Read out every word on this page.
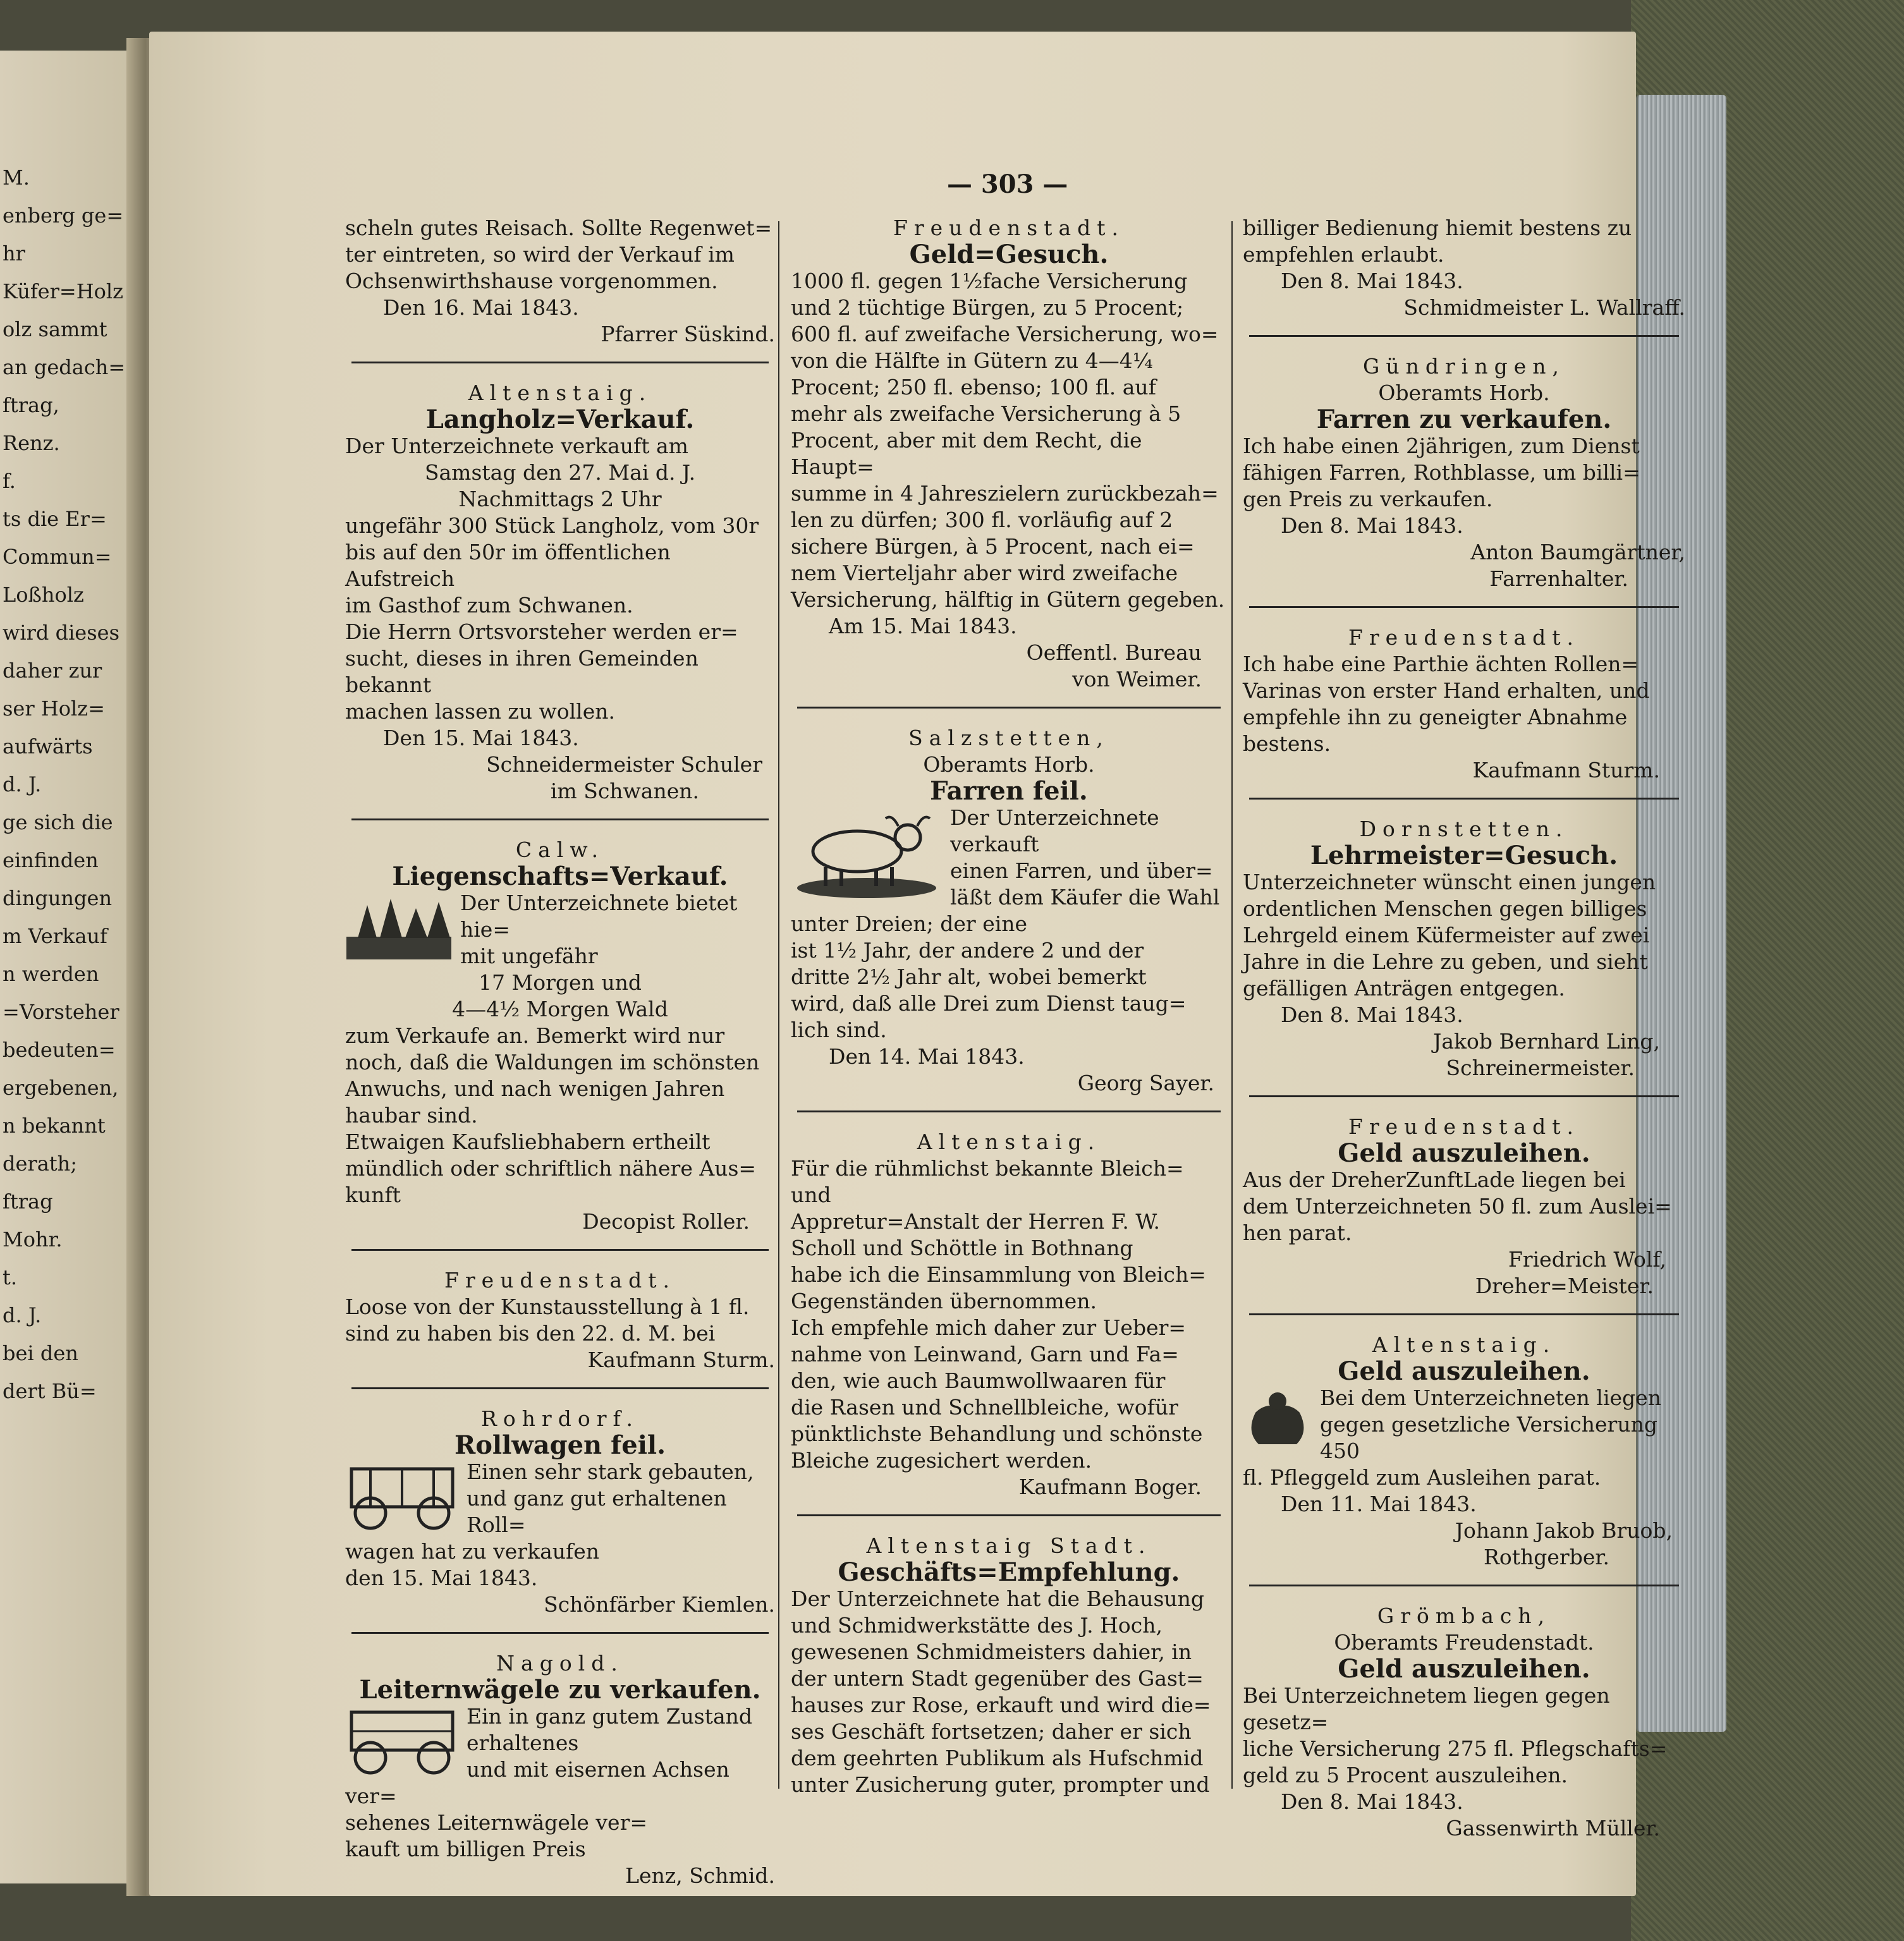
M.
enberg ge=
hr
Küfer=Holz
olz sammt
an gedach=
ftrag,
Renz.
f.
ts die Er=
Commun=
Loßholz
wird dieses
daher zur
ser Holz=
aufwärts
d. J.
ge sich die
einfinden
dingungen
m Verkauf
n werden
=Vorsteher
bedeuten=
ergebenen,
n bekannt
derath;
ftrag
Mohr.
t.
d. J.
bei den
dert Bü=
— 303 —

scheln gutes Reisach. Sollte Regenwet=

ter eintreten, so wird der Verkauf im

Ochsenwirthshause vorgenommen.

Den 16. Mai 1843.

Pfarrer Süskind.

Altenstaig.

Langholz=Verkauf.

Der Unterzeichnete verkauft am

Samstag den 27. Mai d. J.

Nachmittags 2 Uhr

ungefähr 300 Stück Langholz, vom 30r

bis auf den 50r im öffentlichen Aufstreich

im Gasthof zum Schwanen.

Die Herrn Ortsvorsteher werden er=

sucht, dieses in ihren Gemeinden bekannt

machen lassen zu wollen.

Den 15. Mai 1843.

Schneidermeister Schuler

im Schwanen.

Calw.

Liegenschafts=Verkauf.

Der Unterzeichnete bietet hie=

mit ungefähr

17 Morgen und

4—4½ Morgen Wald

zum Verkaufe an. Bemerkt wird nur

noch, daß die Waldungen im schönsten

Anwuchs, und nach wenigen Jahren

haubar sind.

Etwaigen Kaufsliebhabern ertheilt

mündlich oder schriftlich nähere Aus=

kunft

Decopist Roller.

Freudenstadt.

Loose von der Kunstausstellung à 1 fl.

sind zu haben bis den 22. d. M. bei

Kaufmann Sturm.

Rohrdorf.

Rollwagen feil.

Einen sehr stark gebauten,

und ganz gut erhaltenen Roll=

wagen hat zu verkaufen

den 15. Mai 1843.

Schönfärber Kiemlen.

Nagold.

Leiternwägele zu verkaufen.

Ein in ganz gutem Zustand erhaltenes

und mit eisernen Achsen ver=

sehenes Leiternwägele ver=

kauft um billigen Preis

Lenz, Schmid.

Freudenstadt.

Geld=Gesuch.

1000 fl. gegen 1½fache Versicherung

und 2 tüchtige Bürgen, zu 5 Procent;

600 fl. auf zweifache Versicherung, wo=

von die Hälfte in Gütern zu 4—4¼

Procent; 250 fl. ebenso; 100 fl. auf

mehr als zweifache Versicherung à 5

Procent, aber mit dem Recht, die Haupt=

summe in 4 Jahreszielern zurückbezah=

len zu dürfen; 300 fl. vorläufig auf 2

sichere Bürgen, à 5 Procent, nach ei=

nem Vierteljahr aber wird zweifache

Versicherung, hälftig in Gütern gegeben.

Am 15. Mai 1843.

Oeffentl. Bureau

von Weimer.

Salzstetten,

Oberamts Horb.

Farren feil.

Der Unterzeichnete verkauft

einen Farren, und über=

läßt dem Käufer die Wahl

unter Dreien; der eine

ist 1½ Jahr, der andere 2 und der

dritte 2½ Jahr alt, wobei bemerkt

wird, daß alle Drei zum Dienst taug=

lich sind.

Den 14. Mai 1843.

Georg Sayer.

Altenstaig.

Für die rühmlichst bekannte Bleich= und

Appretur=Anstalt der Herren F. W.

Scholl und Schöttle in Bothnang

habe ich die Einsammlung von Bleich=

Gegenständen übernommen.

Ich empfehle mich daher zur Ueber=

nahme von Leinwand, Garn und Fa=

den, wie auch Baumwollwaaren für

die Rasen und Schnellbleiche, wofür

pünktlichste Behandlung und schönste

Bleiche zugesichert werden.

Kaufmann Boger.

Altenstaig Stadt.

Geschäfts=Empfehlung.

Der Unterzeichnete hat die Behausung

und Schmidwerkstätte des J. Hoch,

gewesenen Schmidmeisters dahier, in

der untern Stadt gegenüber des Gast=

hauses zur Rose, erkauft und wird die=

ses Geschäft fortsetzen; daher er sich

dem geehrten Publikum als Hufschmid

unter Zusicherung guter, prompter und

billiger Bedienung hiemit bestens zu

empfehlen erlaubt.

Den 8. Mai 1843.

Schmidmeister L. Wallraff.

Gündringen,

Oberamts Horb.

Farren zu verkaufen.

Ich habe einen 2jährigen, zum Dienst

fähigen Farren, Rothblasse, um billi=

gen Preis zu verkaufen.

Den 8. Mai 1843.

Anton Baumgärtner,

Farrenhalter.

Freudenstadt.

Ich habe eine Parthie ächten Rollen=

Varinas von erster Hand erhalten, und

empfehle ihn zu geneigter Abnahme bestens.

Kaufmann Sturm.

Dornstetten.

Lehrmeister=Gesuch.

Unterzeichneter wünscht einen jungen

ordentlichen Menschen gegen billiges

Lehrgeld einem Küfermeister auf zwei

Jahre in die Lehre zu geben, und sieht

gefälligen Anträgen entgegen.

Den 8. Mai 1843.

Jakob Bernhard Ling,

Schreinermeister.

Freudenstadt.

Geld auszuleihen.

Aus der DreherZunftLade liegen bei

dem Unterzeichneten 50 fl. zum Auslei=

hen parat.

Friedrich Wolf,

Dreher=Meister.

Altenstaig.

Geld auszuleihen.

Bei dem Unterzeichneten liegen

gegen gesetzliche Versicherung 450

fl. Pfleggeld zum Ausleihen parat.

Den 11. Mai 1843.

Johann Jakob Bruob,

Rothgerber.

Grömbach,

Oberamts Freudenstadt.

Geld auszuleihen.

Bei Unterzeichnetem liegen gegen gesetz=

liche Versicherung 275 fl. Pflegschafts=

geld zu 5 Procent auszuleihen.

Den 8. Mai 1843.

Gassenwirth Müller.
